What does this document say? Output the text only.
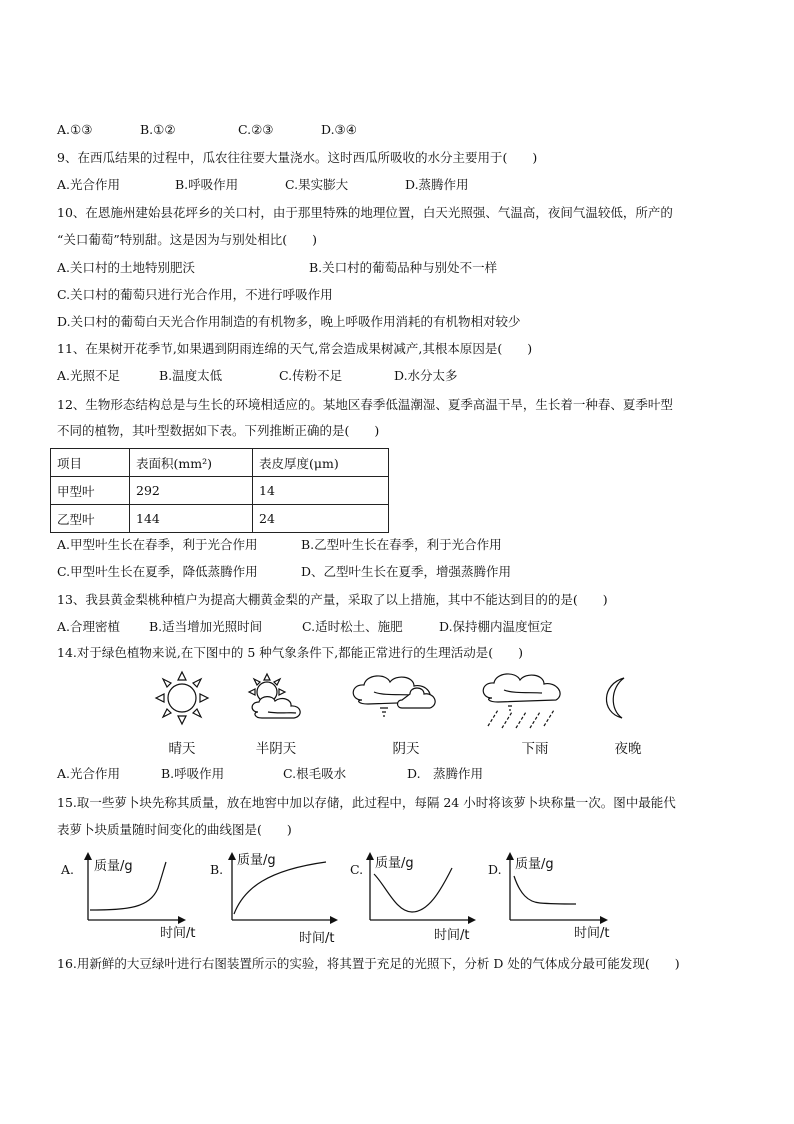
A.①③	B.①②	C.②③	D.③④
9、在西瓜结果的过程中，瓜农往往要大量浇水。这时西瓜所吸收的水分主要用于(　　)
A.光合作用	B.呼吸作用	C.果实膨大	D.蒸腾作用
10、在恩施州建始县花坪乡的关口村，由于那里特殊的地理位置，白天光照强、气温高，夜间气温较低，所产的
“关口葡萄”特别甜。这是因为与别处相比(　　)
A.关口村的土地特别肥沃	B.关口村的葡萄品种与别处不一样
C.关口村的葡萄只进行光合作用，不进行呼吸作用
D.关口村的葡萄白天光合作用制造的有机物多，晚上呼吸作用消耗的有机物相对较少
11、在果树开花季节,如果遇到阴雨连绵的天气,常会造成果树减产,其根本原因是(　　)
A.光照不足	B.温度太低	C.传粉不足	D.水分太多
12、生物形态结构总是与生长的环境相适应的。某地区春季低温潮湿、夏季高温干旱，生长着一种春、夏季叶型
不同的植物，其叶型数据如下表。下列推断正确的是(　　)
项目	表面积(mm²)	表皮厚度(μm)
甲型叶	292	14
乙型叶	144	24
A.甲型叶生长在春季，利于光合作用	B.乙型叶生长在春季，利于光合作用
C.甲型叶生长在夏季，降低蒸腾作用	D、乙型叶生长在夏季，增强蒸腾作用
13、我县黄金梨桃种植户为提高大棚黄金梨的产量，采取了以上措施，其中不能达到目的的是(　　)
A.合理密植 B.适当增加光照时间	C.适时松土、施肥	D.保持棚内温度恒定
14.对于绿色植物来说,在下图中的 5 种气象条件下,都能正常进行的生理活动是(　　)
晴天	半阴天	阴天	下雨	夜晚
A.光合作用	B.呼吸作用	C.根毛吸水	D.　蒸腾作用
15.取一些萝卜块先称其质量，放在地窖中加以存储，此过程中，每隔 24 小时将该萝卜块称量一次。图中最能代
表萝卜块质量随时间变化的曲线图是(　　)
A. 质量/g
时间/t
B.
质量/g
时间/t
C. 质量/g
时间/t
D. 质量/g
时间/t
16.用新鲜的大豆绿叶进行右图装置所示的实验，将其置于充足的光照下，分析 D 处的气体成分最可能发现(　　)
